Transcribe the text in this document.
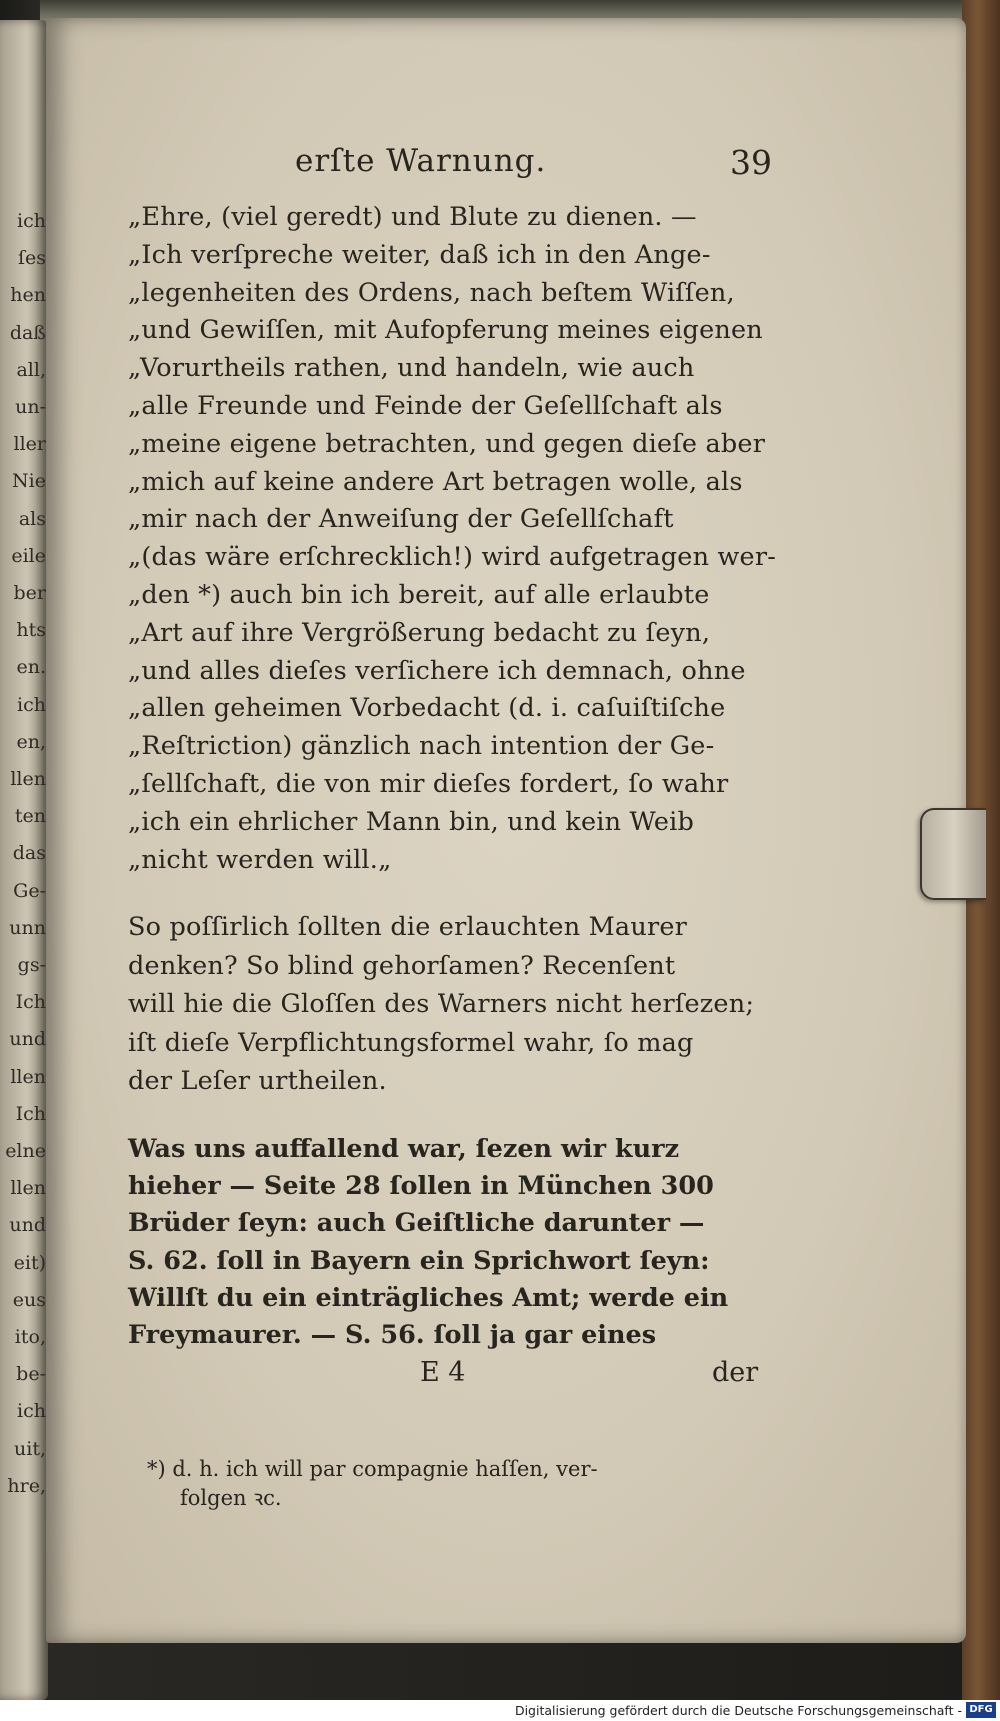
ich
ſes
hen
daß
all,
un-
ller
Nie
als
eile
ber
hts
en.
ich
en,
llen
ten
das
Ge-
unn
gs-
Ich
und
llen
Ich
elne
llen
und
eit)
eus
ito,
be-
ich
uit,
hre,
erſte Warnung.	39
„Ehre, (viel geredt) und Blute zu dienen. —
„Ich verſpreche weiter, daß ich in den Ange-
„legenheiten des Ordens, nach beſtem Wiſſen,
„und Gewiſſen, mit Aufopferung meines eigenen
„Vorurtheils rathen, und handeln, wie auch
„alle Freunde und Feinde der Geſellſchaft als
„meine eigene betrachten, und gegen dieſe aber
„mich auf keine andere Art betragen wolle, als
„mir nach der Anweiſung der Geſellſchaft
„(das wäre erſchrecklich!) wird aufgetragen wer-
„den *) auch bin ich bereit, auf alle erlaubte
„Art auf ihre Vergrößerung bedacht zu ſeyn,
„und alles dieſes verſichere ich demnach, ohne
„allen geheimen Vorbedacht (d. i. caſuiſtiſche
„Reſtriction) gänzlich nach intention der Ge-
„ſellſchaft, die von mir dieſes fordert, ſo wahr
„ich ein ehrlicher Mann bin, und kein Weib
„nicht werden will.„
So poſſirlich ſollten die erlauchten Maurer
denken? So blind gehorſamen? Recenſent
will hie die Gloſſen des Warners nicht herſezen;
iſt dieſe Verpflichtungsformel wahr, ſo mag
der Leſer urtheilen.
Was uns auffallend war, ſezen wir kurz
hieher — Seite 28 ſollen in München 300
Brüder ſeyn: auch Geiſtliche darunter —
S. 62. ſoll in Bayern ein Sprichwort ſeyn:
Willſt du ein einträgliches Amt; werde ein
Freymaurer. — S. 56. ſoll ja gar eines
E 4	der
*) d. h. ich will par compagnie haſſen, ver-
folgen ꝛc.
Digitalisierung gefördert durch die Deutsche Forschungsgemeinschaft - DFG
